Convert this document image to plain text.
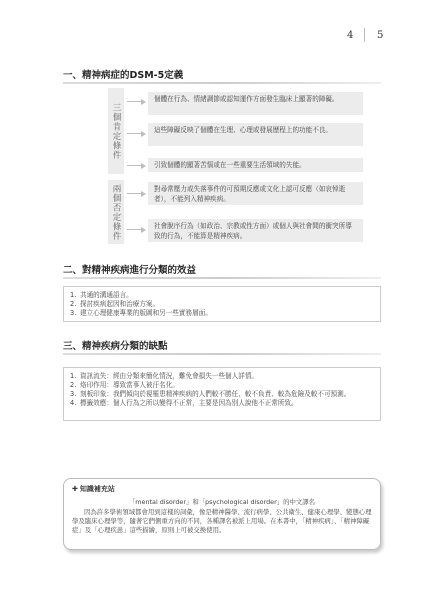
4 5
一、精神病症的DSM-5定義
三個肯定條件
個體在行為、情緒調節或認知運作方面發生臨床上顯著的障礙。
這些障礙反映了個體在生理、心理或發展歷程上的功能不良。
引致個體的顯著苦惱或在一些重要生活領域的失能。
兩個否定條件	對尋常壓力或失落事件的可預期反應或文化上認可反應（如哀悼逝者），不能列入精神疾病。
社會脫序行為（如政治、宗教或性方面）或個人與社會間的衝突所導致的行為，不能算是精神疾病。
二、對精神疾病進行分類的效益
1. 共通的溝通語言。
2. 探討疾病起因和治療方案。
3. 建立心理健康專業的版圖和另一些實務層面。
三、精神疾病分類的缺點
1. 資訊流失：經由分類來簡化情況，難免會損失一些個人詳情。
2. 烙印作用：導致當事人被汙名化。
3. 刻板印象：我們傾向於視罹患精神疾病的人們較不勝任、較不負責、較為危險及較不可預測。
4. 標籤效應：個人行為之所以變得不正常，主要是因為別人說他不正常所致。
✚ 知識補充站
「mental disorder」和「psychological disorder」的中文譯名
因為許多學術領域都會用到這樣的詞彙，像是精神醫學、流行病學、公共衛生、健康心理學、變態心理學及臨床心理學等，隨著它們側重方向的不同，各種譯名被派上用場。在本書中，「精神疾病」、「精神障礙症」及「心理疾患」這些描繪，原則上可被交換使用。
